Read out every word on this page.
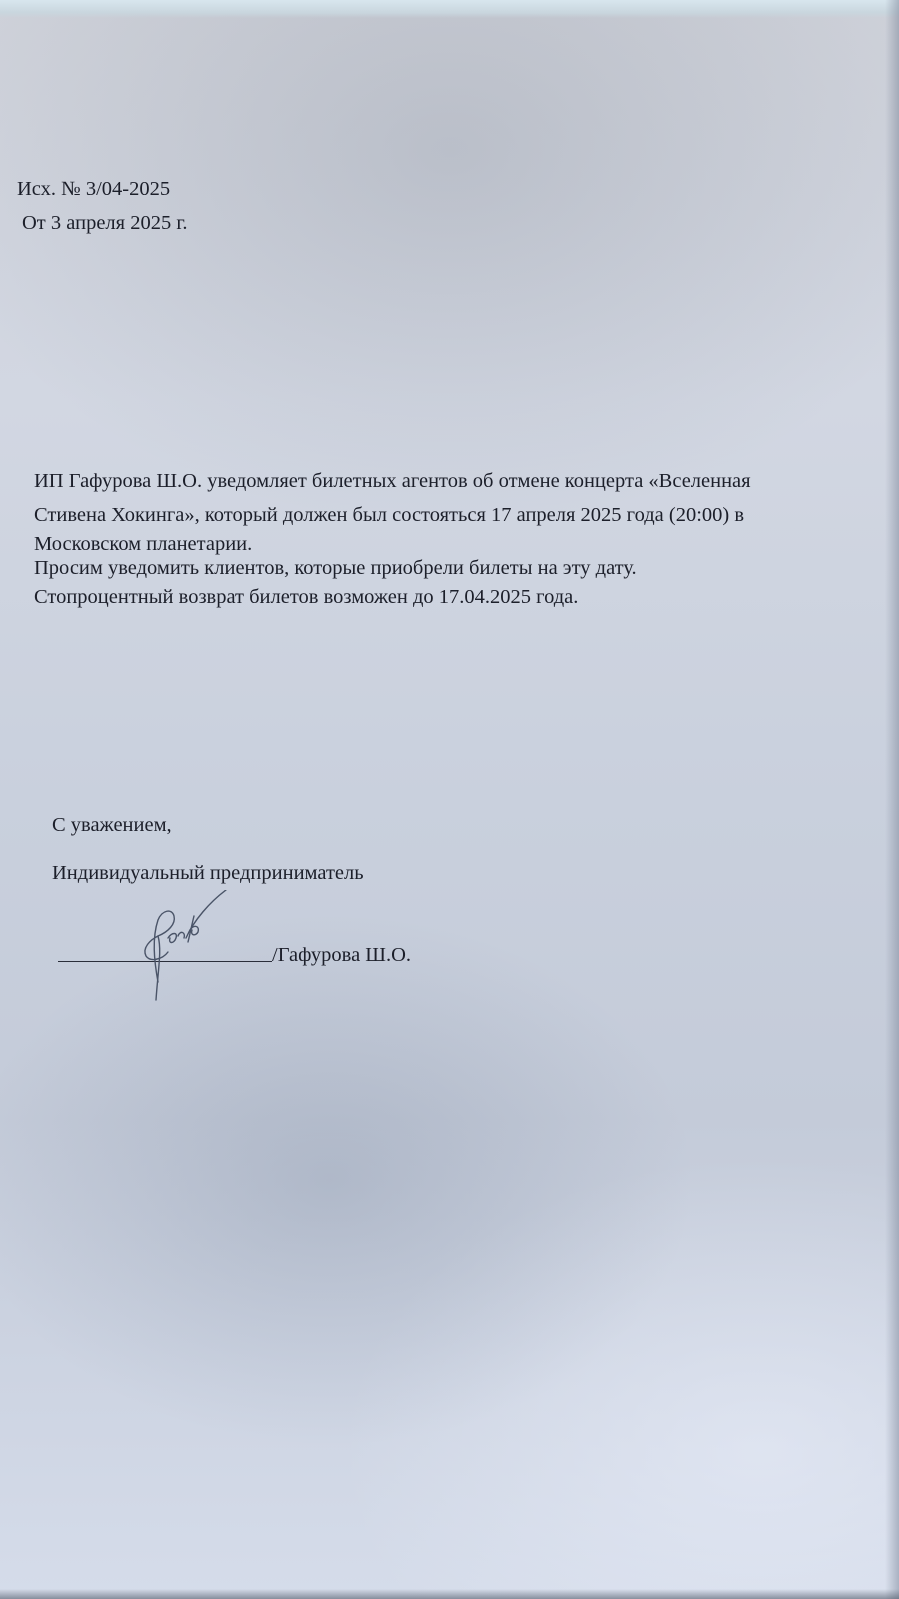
Исх. № 3/04-2025

От 3 апреля 2025 г.

ИП Гафурова Ш.О. уведомляет билетных агентов об отмене концерта «Вселенная

Стивена Хокинга», который должен был состояться 17 апреля 2025 года (20:00) в

Московском планетарии.

Просим уведомить клиентов, которые приобрели билеты на эту дату.

Стопроцентный возврат билетов возможен до 17.04.2025 года.

С уважением,

Индивидуальный предприниматель

/Гафурова Ш.О.
